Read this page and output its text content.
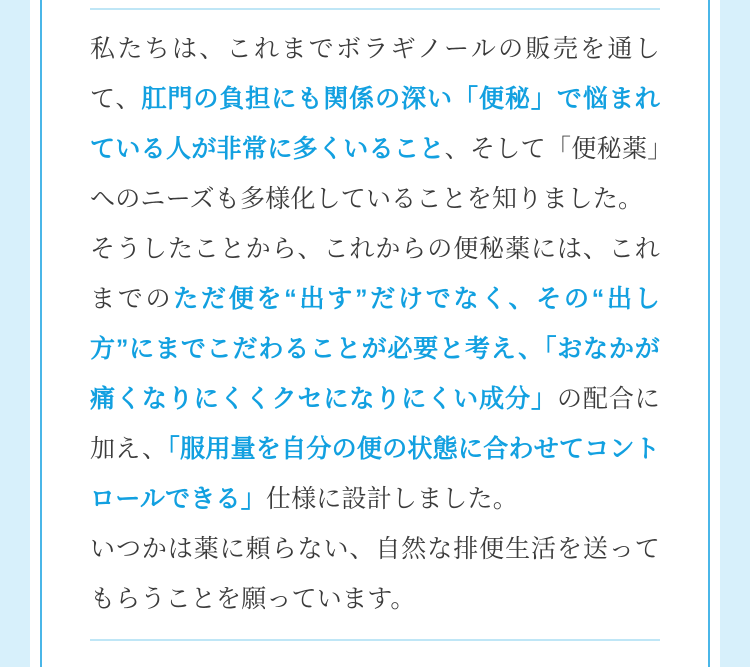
私たちは、これまでボラギノールの販売を通して、肛門の負担にも関係の深い「便秘」で悩まれている人が非常に多くいること、そして「便秘薬」へのニーズも多様化していることを知りました。

そうしたことから、これからの便秘薬には、これまでのただ便を“出す”だけでなく、その“出し方”にまでこだわることが必要と考え、「おなかが痛くなりにくくクセになりにくい成分」の配合に加え、「服用量を自分の便の状態に合わせてコントロールできる」仕様に設計しました。

いつかは薬に頼らない、自然な排便生活を送ってもらうことを願っています。
